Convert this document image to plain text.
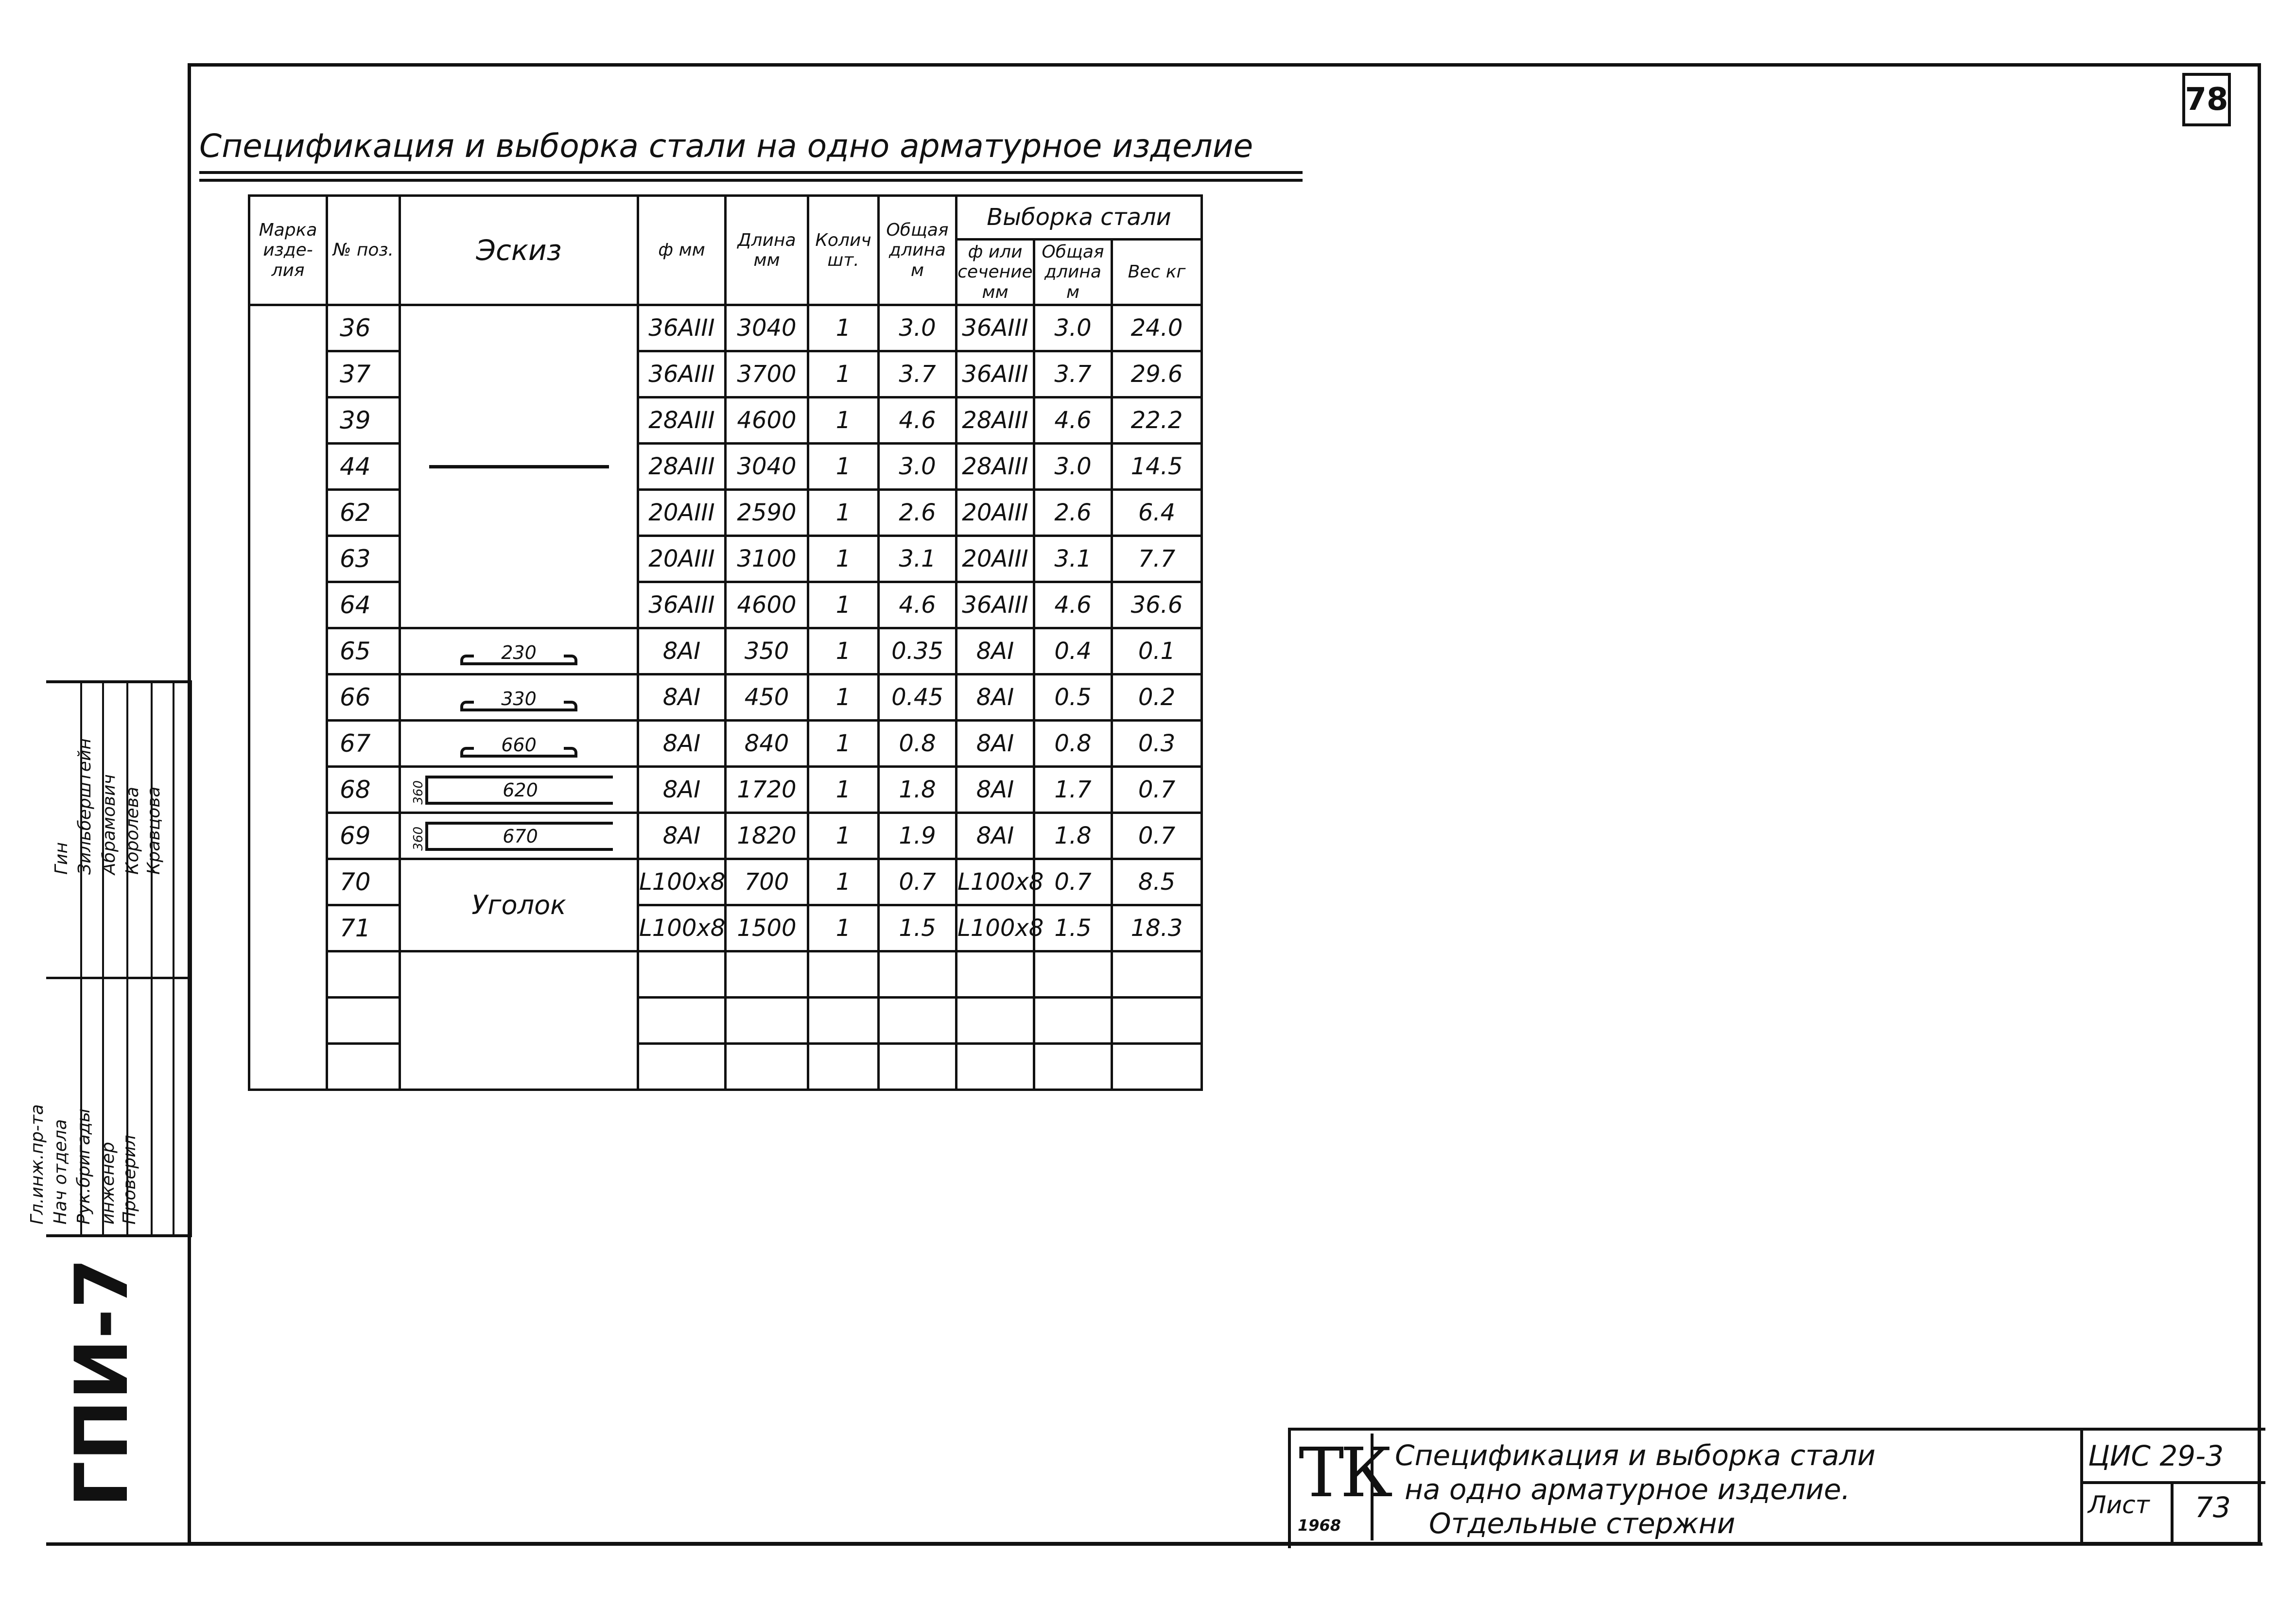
78
Спецификация и выборка стали на одно арматурное изделие
Марка изде-лия	№ поз.	Эскиз	ф мм	Длина мм	Колич шт.	Общая длина м	Выборка стали		
							ф или сечение мм	Общая длина м	Вес кг
	36		36AIII	3040	1	3.0	36AIII	3.0	24.0
	37		36AIII	3700	1	3.7	36AIII	3.7	29.6
	39		28AIII	4600	1	4.6	28AIII	4.6	22.2
	44		28AIII	3040	1	3.0	28AIII	3.0	14.5
	62		20AIII	2590	1	2.6	20AIII	2.6	6.4
	63		20AIII	3100	1	3.1	20AIII	3.1	7.7
	64		36AIII	4600	1	4.6	36AIII	4.6	36.6
	65	230	8AI	350	1	0.35	8AI	0.4	0.1
	66	330	8AI	450	1	0.45	8AI	0.5	0.2
	67	660	8AI	840	1	0.8	8AI	0.8	0.3
	68	360 620	8AI	1720	1	1.8	8AI	1.7	0.7
	69	360 670	8AI	1820	1	1.9	8AI	1.8	0.7
	70	Уголок	L100x8	700	1	0.7	L100x8	0.7	8.5
	71		L100x8	1500	1	1.5	L100x8	1.5	18.3

Гл.инж.пр-та Нач отдела Рук.бригады инженер Проверил
Гин Зильберштейн Абрамович Королева Кравцова
ГПИ-7	ТК
1968
Спецификация и выборка стали
на одно арматурное изделие.
Отдельные стержни
ЦИС 29-3
Лист 73
